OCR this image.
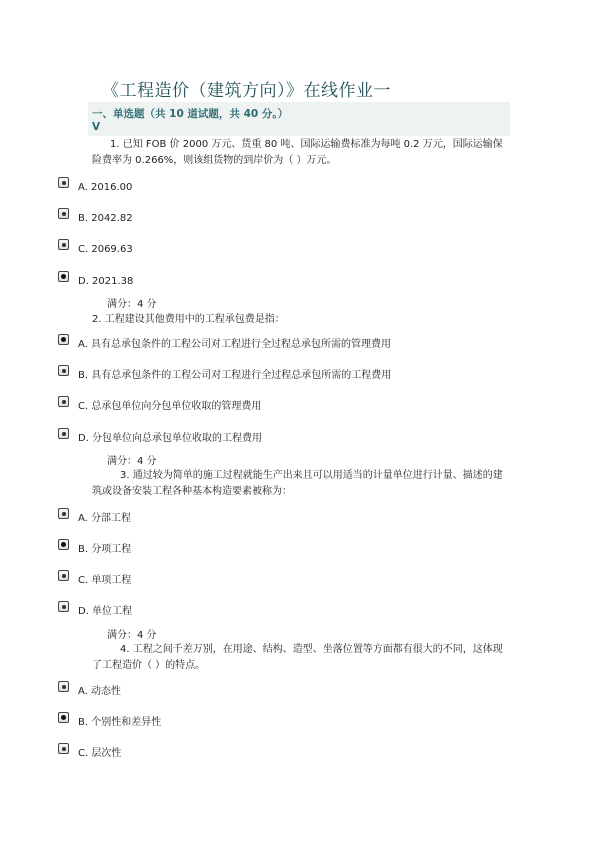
《工程造价（建筑方向）》在线作业一
一、单选题（共 10 道试题，共 40 分。）
V
1. 已知 FOB 价 2000 万元、货重 80 吨、国际运输费标准为每吨 0.2 万元，国际运输保险费率为 0.266%，则该组货物的到岸价为（ ）万元。
A. 2016.00
B. 2042.82
C. 2069.63
D. 2021.38
满分：4 分
2. 工程建设其他费用中的工程承包费是指：
A. 具有总承包条件的工程公司对工程进行全过程总承包所需的管理费用
B. 具有总承包条件的工程公司对工程进行全过程总承包所需的工程费用
C. 总承包单位向分包单位收取的管理费用
D. 分包单位向总承包单位收取的工程费用
满分：4 分
3. 通过较为简单的施工过程就能生产出来且可以用适当的计量单位进行计量、描述的建筑或设备安装工程各种基本构造要素被称为：
A. 分部工程
B. 分项工程
C. 单项工程
D. 单位工程
满分：4 分
4. 工程之间千差万别，在用途、结构、造型、坐落位置等方面都有很大的不同，这体现了工程造价（ ）的特点。
A. 动态性
B. 个别性和差异性
C. 层次性
